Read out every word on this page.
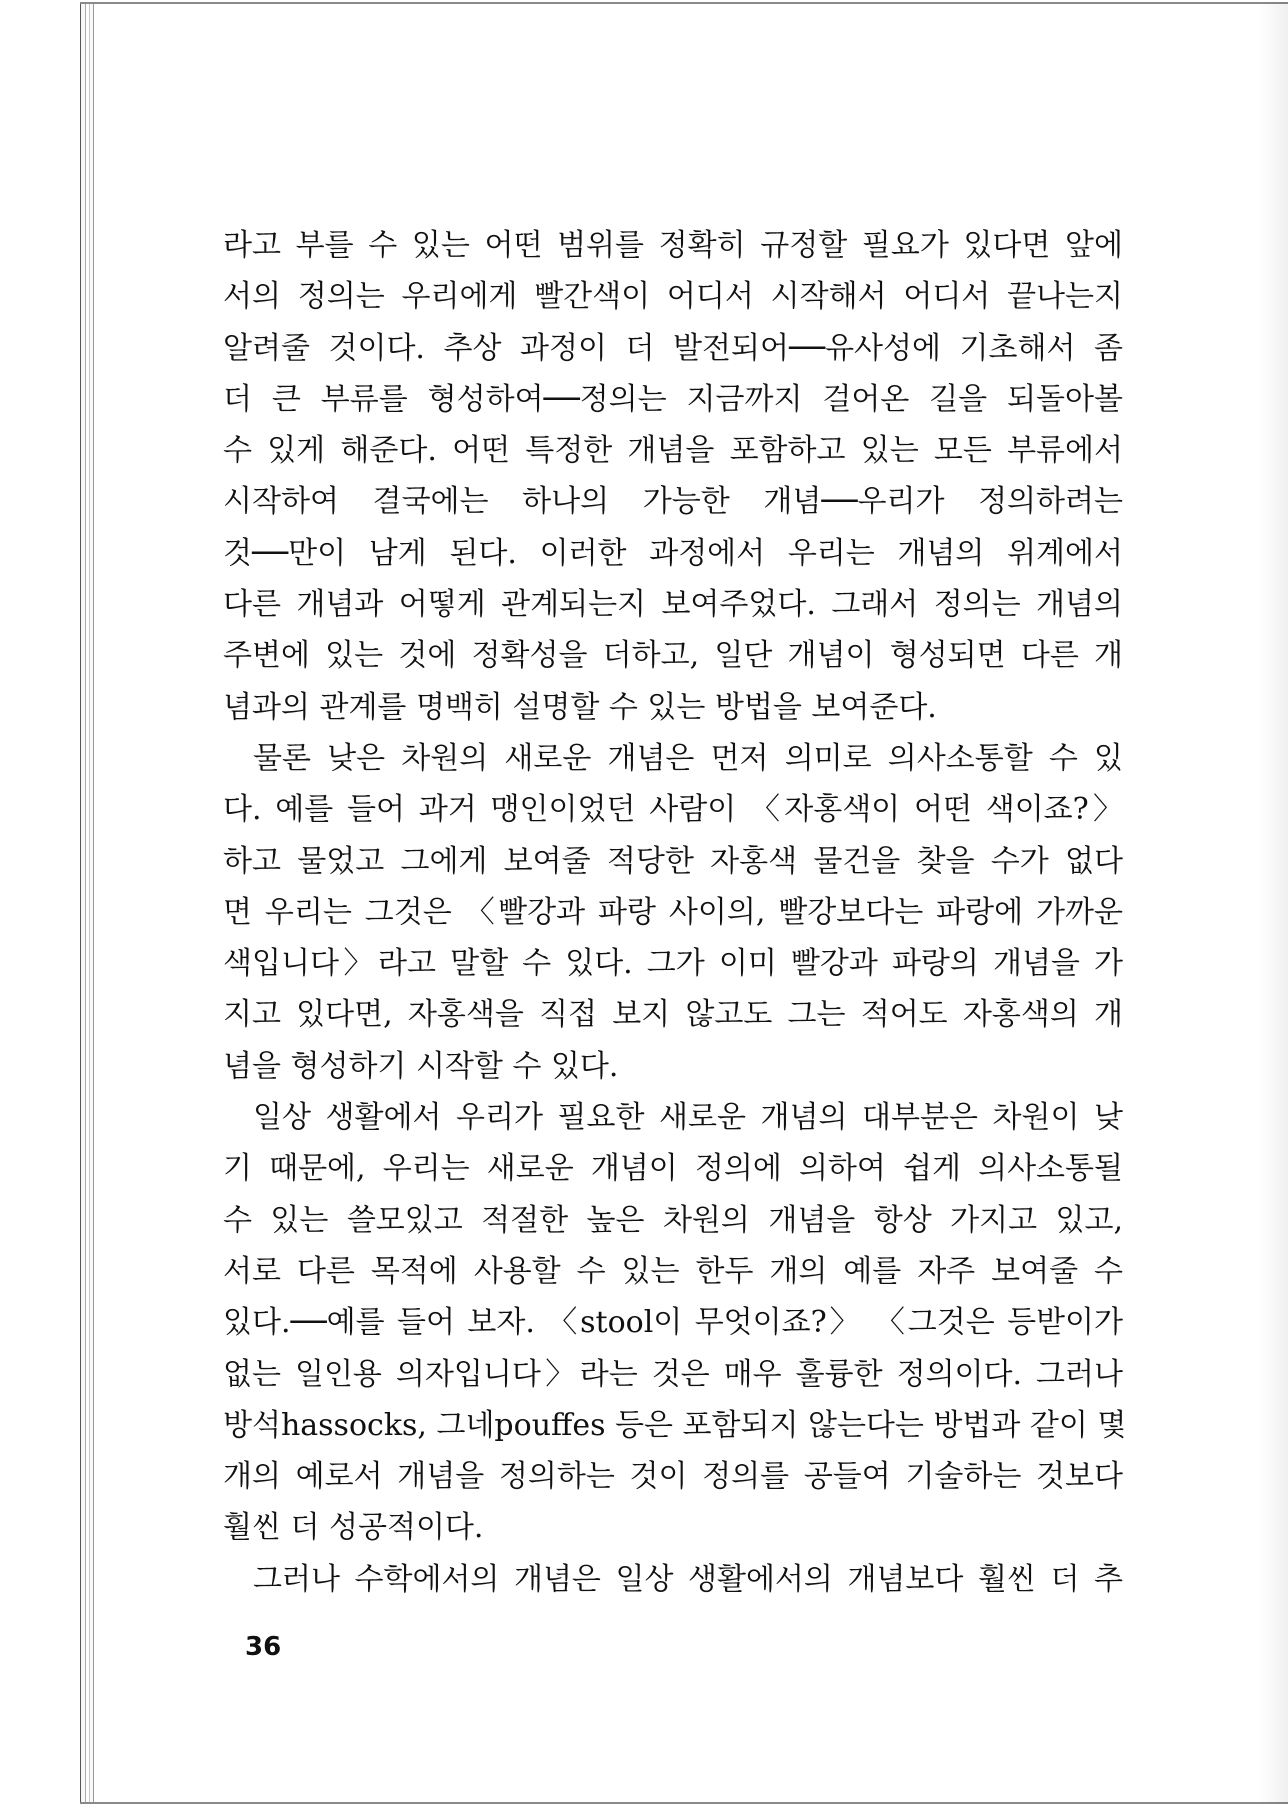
라고 부를 수 있는 어떤 범위를 정확히 규정할 필요가 있다면 앞에
서의 정의는 우리에게 빨간색이 어디서 시작해서 어디서 끝나는지
알려줄 것이다. 추상 과정이 더 발전되어──유사성에 기초해서 좀
더 큰 부류를 형성하여──정의는 지금까지 걸어온 길을 되돌아볼
수 있게 해준다. 어떤 특정한 개념을 포함하고 있는 모든 부류에서
시작하여 결국에는 하나의 가능한 개념──우리가 정의하려는
것──만이 남게 된다. 이러한 과정에서 우리는 개념의 위계에서
다른 개념과 어떻게 관계되는지 보여주었다. 그래서 정의는 개념의
주변에 있는 것에 정확성을 더하고, 일단 개념이 형성되면 다른 개
념과의 관계를 명백히 설명할 수 있는 방법을 보여준다.
물론 낮은 차원의 새로운 개념은 먼저 의미로 의사소통할 수 있
다. 예를 들어 과거 맹인이었던 사람이 〈자홍색이 어떤 색이죠?〉
하고 물었고 그에게 보여줄 적당한 자홍색 물건을 찾을 수가 없다
면 우리는 그것은 〈빨강과 파랑 사이의, 빨강보다는 파랑에 가까운
색입니다〉라고 말할 수 있다. 그가 이미 빨강과 파랑의 개념을 가
지고 있다면, 자홍색을 직접 보지 않고도 그는 적어도 자홍색의 개
념을 형성하기 시작할 수 있다.
일상 생활에서 우리가 필요한 새로운 개념의 대부분은 차원이 낮
기 때문에, 우리는 새로운 개념이 정의에 의하여 쉽게 의사소통될
수 있는 쓸모있고 적절한 높은 차원의 개념을 항상 가지고 있고,
서로 다른 목적에 사용할 수 있는 한두 개의 예를 자주 보여줄 수
있다.──예를 들어 보자. 〈stool이 무엇이죠?〉 〈그것은 등받이가
없는 일인용 의자입니다〉라는 것은 매우 훌륭한 정의이다. 그러나
방석hassocks, 그네pouffes 등은 포함되지 않는다는 방법과 같이 몇
개의 예로서 개념을 정의하는 것이 정의를 공들여 기술하는 것보다
훨씬 더 성공적이다.
그러나 수학에서의 개념은 일상 생활에서의 개념보다 훨씬 더 추
36
